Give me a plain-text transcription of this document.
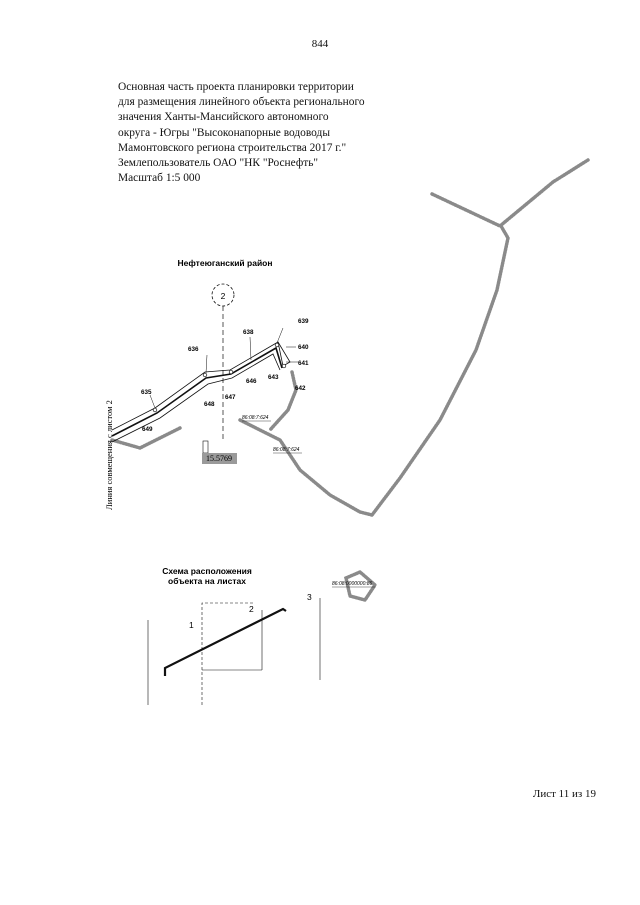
844
Основная часть проекта планировки территории
для размещения линейного объекта регионального
значения Ханты-Мансийского автономного
округа - Югры "Высоконапорные водоводы
Мамонтовского региона строительства 2017 г."
Землепользователь ОАО "НК "Роснефть"
Масштаб 1:5 000
Нефтеюганский район
2
639
638
636	640
641
646
643
642
635
647
648
649
15.5769
86:08:7:624
86:08:7:624
86:08:0000000:86
Линия совмещения с листом 2
Схема расположения
объекта на листах
1
2
3
Лист 11 из 19
